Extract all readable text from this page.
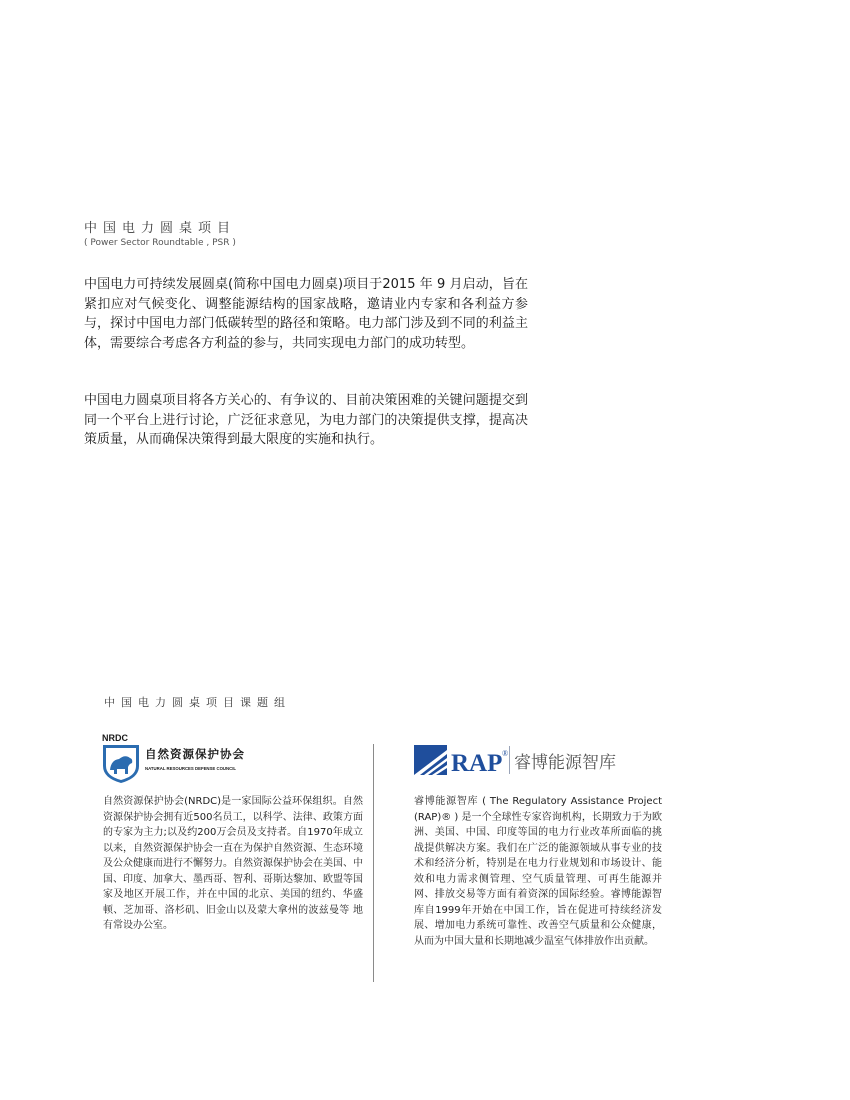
中国电力圆桌项目
( Power Sector Roundtable , PSR )
中国电力可持续发展圆桌(简称中国电力圆桌)项目于2015 年 9 月启动，旨在紧扣应对气候变化、调整能源结构的国家战略，邀请业内专家和各利益方参与，探讨中国电力部门低碳转型的路径和策略。电力部门涉及到不同的利益主体，需要综合考虑各方利益的参与，共同实现电力部门的成功转型。
中国电力圆桌项目将各方关心的、有争议的、目前决策困难的关键问题提交到同一个平台上进行讨论，广泛征求意见，为电力部门的决策提供支撑，提高决策质量，从而确保决策得到最大限度的实施和执行。
中国电力圆桌项目课题组
NRDC
自然资源保护协会
NATURAL RESOURCES DEFENSE COUNCIL	RAP ® 睿博能源智库
自然资源保护协会(NRDC)是一家国际公益环保组织。自然资源保护协会拥有近500名员工，以科学、法律、政策方面的专家为主力;以及约200万会员及支持者。自1970年成立以来，自然资源保护协会一直在为保护自然资源、生态环境及公众健康而进行不懈努力。自然资源保护协会在美国、中国、印度、加拿大、墨西哥、智利、哥斯达黎加、欧盟等国家及地区开展工作，并在中国的北京、美国的纽约、华盛顿、芝加哥、洛杉矶、旧金山以及蒙大拿州的波兹曼等 地有常设办公室。
睿博能源智库 ( The Regulatory Assistance Project (RAP)® ) 是一个全球性专家咨询机构，长期致力于为欧洲、美国、中国、印度等国的电力行业改革所面临的挑战提供解决方案。我们在广泛的能源领域从事专业的技术和经济分析，特别是在电力行业规划和市场设计、能效和电力需求侧管理、空气质量管理、可再生能源并网、排放交易等方面有着资深的国际经验。睿博能源智库自1999年开始在中国工作，旨在促进可持续经济发展、增加电力系统可靠性、改善空气质量和公众健康，从而为中国大量和长期地减少温室气体排放作出贡献。
